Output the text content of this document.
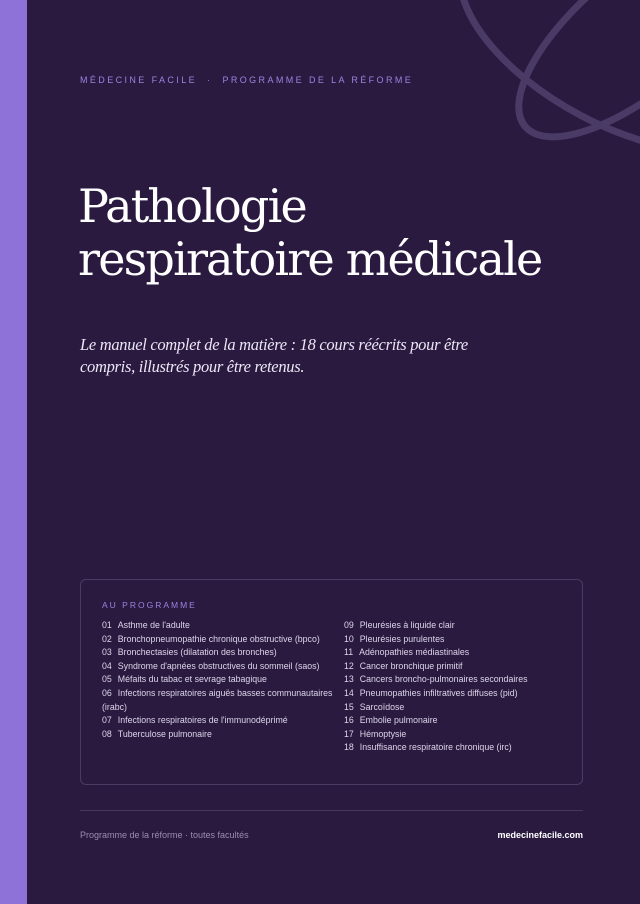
MÉDECINE FACILE · PROGRAMME DE LA RÉFORME
Pathologie
respiratoire médicale

Le manuel complet de la matière : 18 cours réécrits pour être compris, illustrés pour être retenus.

AU PROGRAMME
01 Asthme de l'adulte
02 Bronchopneumopathie chronique obstructive (bpco)
03 Bronchectasies (dilatation des bronches)
04 Syndrome d'apnées obstructives du sommeil (saos)
05 Méfaits du tabac et sevrage tabagique
06 Infections respiratoires aiguës basses communautaires (irabc)
07 Infections respiratoires de l'immunodéprimé
08 Tuberculose pulmonaire
09 Pleurésies à liquide clair
10 Pleurésies purulentes
11 Adénopathies médiastinales
12 Cancer bronchique primitif
13 Cancers broncho-pulmonaires secondaires
14 Pneumopathies infiltratives diffuses (pid)
15 Sarcoïdose
16 Embolie pulmonaire
17 Hémoptysie
18 Insuffisance respiratoire chronique (irc)
Programme de la réforme · toutes facultés	medecinefacile.com
